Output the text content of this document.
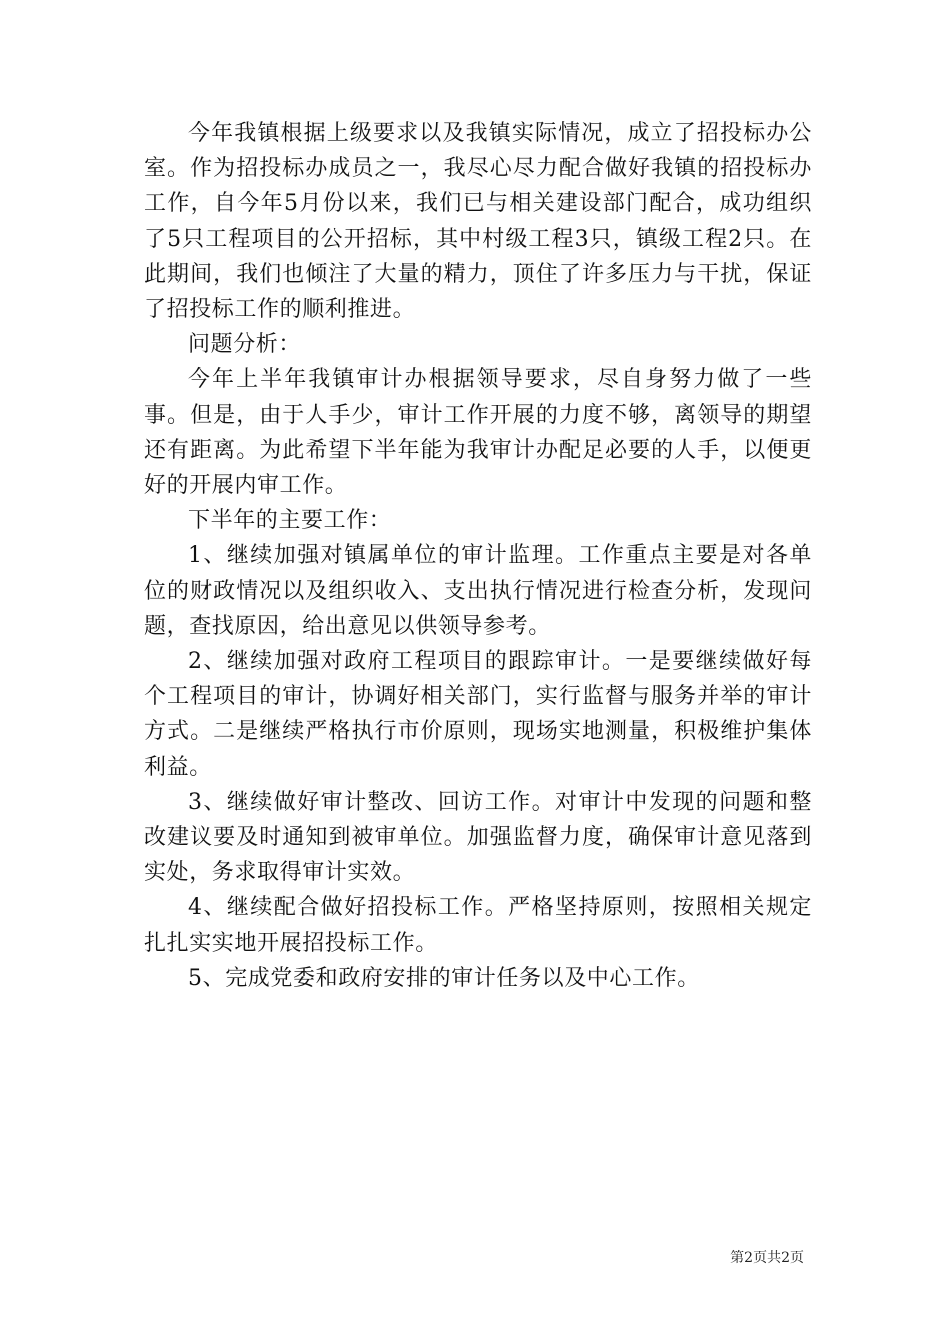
今年我镇根据上级要求以及我镇实际情况，成立了招投标办公室。作为招投标办成员之一，我尽心尽力配合做好我镇的招投标办工作，自今年5月份以来，我们已与相关建设部门配合，成功组织了5只工程项目的公开招标，其中村级工程3只，镇级工程2只。在此期间，我们也倾注了大量的精力，顶住了许多压力与干扰，保证了招投标工作的顺利推进。

问题分析：

今年上半年我镇审计办根据领导要求，尽自身努力做了一些事。但是，由于人手少，审计工作开展的力度不够，离领导的期望还有距离。为此希望下半年能为我审计办配足必要的人手，以便更好的开展内审工作。

下半年的主要工作：

1、继续加强对镇属单位的审计监理。工作重点主要是对各单位的财政情况以及组织收入、支出执行情况进行检查分析，发现问题，查找原因，给出意见以供领导参考。

2、继续加强对政府工程项目的跟踪审计。一是要继续做好每个工程项目的审计，协调好相关部门，实行监督与服务并举的审计方式。二是继续严格执行市价原则，现场实地测量，积极维护集体利益。

3、继续做好审计整改、回访工作。对审计中发现的问题和整改建议要及时通知到被审单位。加强监督力度，确保审计意见落到实处，务求取得审计实效。

4、继续配合做好招投标工作。严格坚持原则，按照相关规定扎扎实实地开展招投标工作。

5、完成党委和政府安排的审计任务以及中心工作。

第2页共2页
